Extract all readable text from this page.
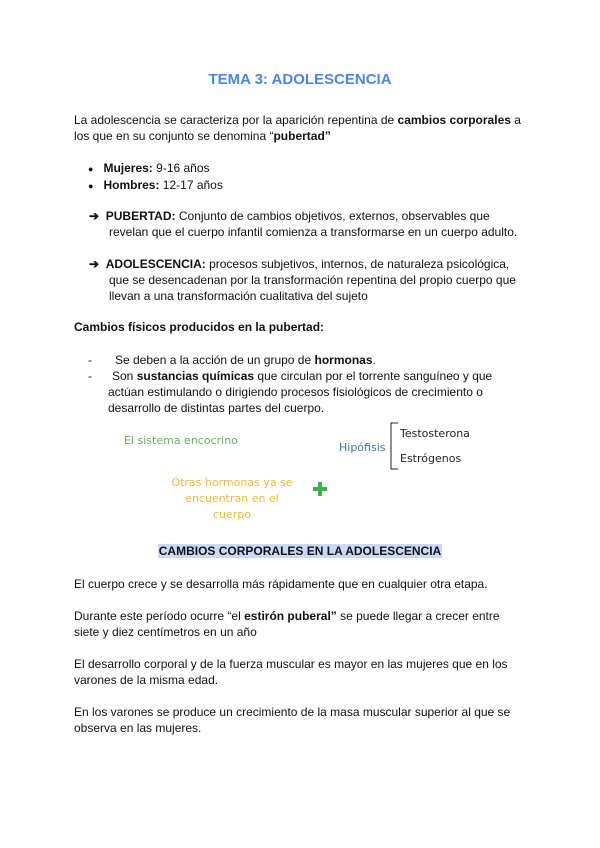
TEMA 3: ADOLESCENCIA
La adolescencia se caracteriza por la aparición repentina de cambios corporales a
los que en su conjunto se denomina “pubertad”
● Mujeres: 9-16 años
● Hombres: 12-17 años
➔ PUBERTAD: Conjunto de cambios objetivos, externos, observables que
revelan que el cuerpo infantil comienza a transformarse en un cuerpo adulto.
➔ ADOLESCENCIA: procesos subjetivos, internos, de naturaleza psicológica,
que se desencadenan por la transformación repentina del propio cuerpo que
llevan a una transformación cualitativa del sujeto
Cambios físicos producidos en la pubertad:
- Se deben a la acción de un grupo de hormonas.
- Son sustancias químicas que circulan por el torrente sanguíneo y que
actúan estimulando o dirigiendo procesos fisiológicos de crecimiento o
desarrollo de distintas partes del cuerpo.
El sistema encocrino
Hipófisis
Testosterona
Estrógenos
Otras hormonas ya se
encuentran en el cuerpo
CAMBIOS CORPORALES EN LA ADOLESCENCIA
El cuerpo crece y se desarrolla más rápidamente que en cualquier otra etapa.
Durante este período ocurre “el estirón puberal” se puede llegar a crecer entre
siete y diez centímetros en un año
El desarrollo corporal y de la fuerza muscular es mayor en las mujeres que en los
varones de la misma edad.
En los varones se produce un crecimiento de la masa muscular superior al que se
observa en las mujeres.
